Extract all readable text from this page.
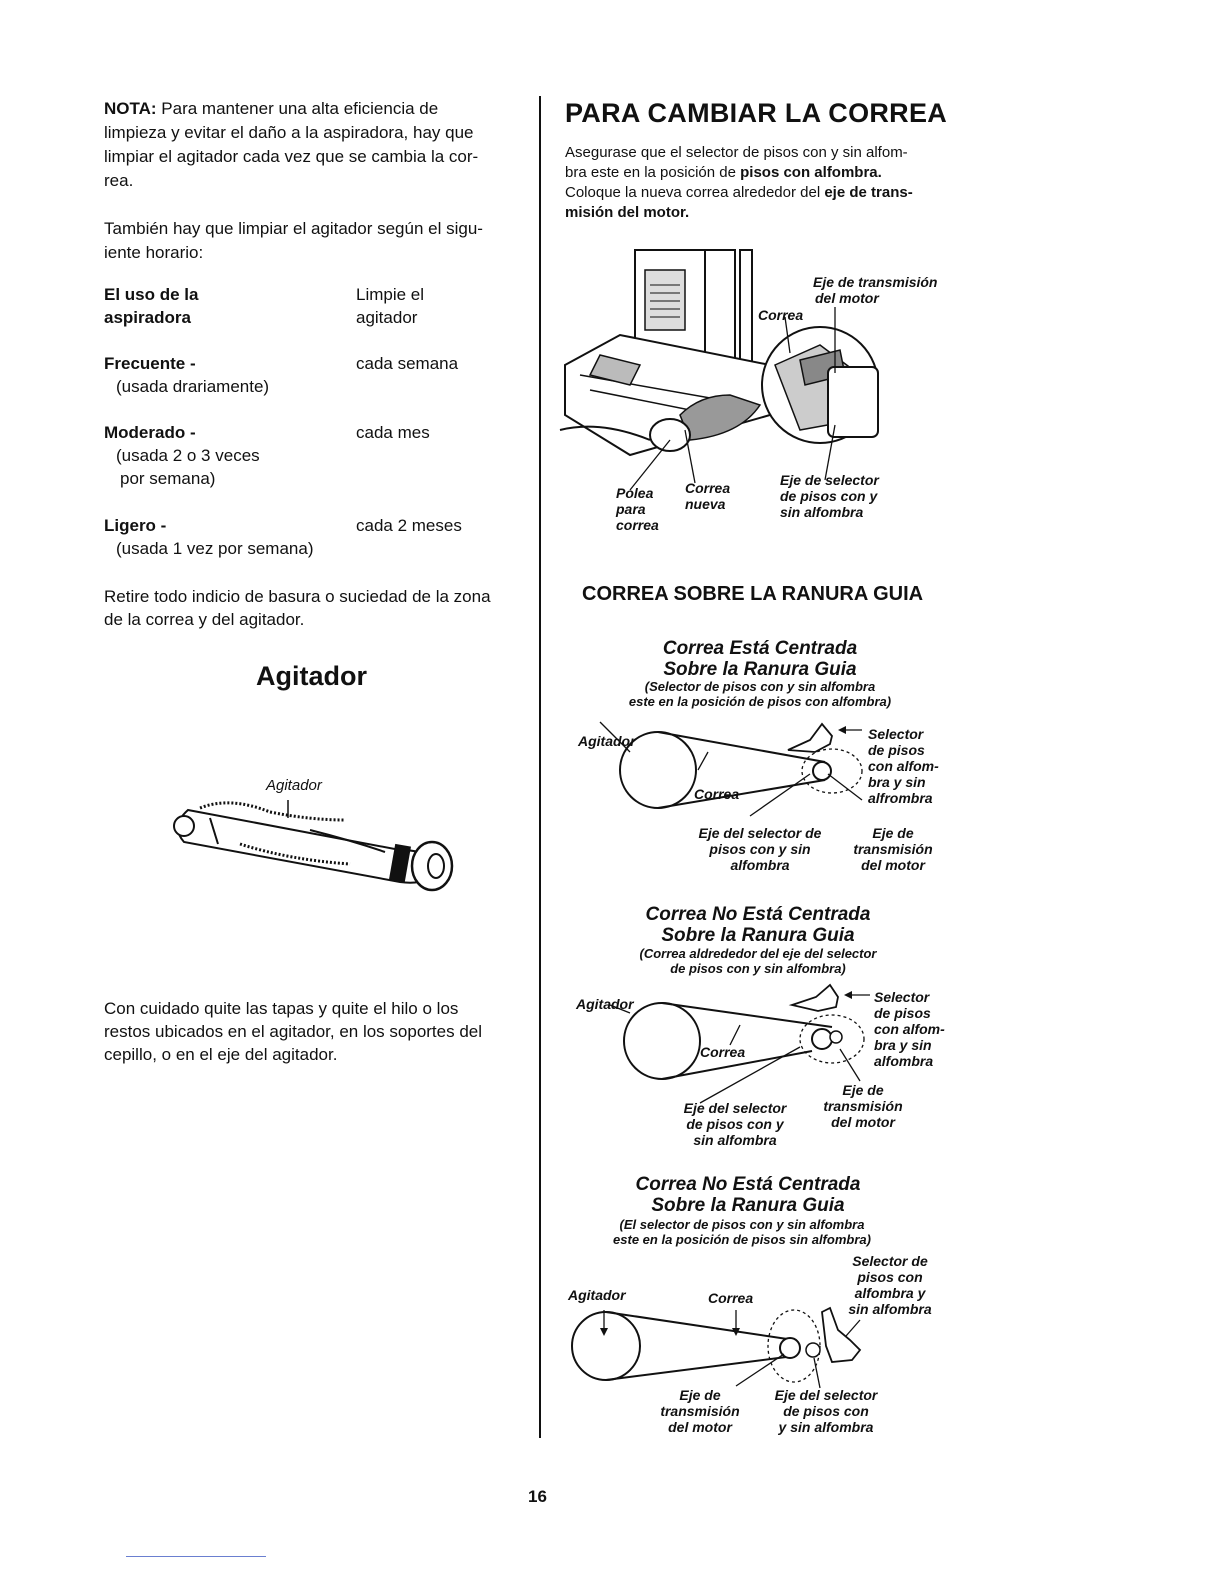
NOTA: Para mantener una alta eficiencia de
limpieza y evitar el daño a la aspiradora, hay que
limpiar el agitador cada vez que se cambia la cor-
rea.
También hay que limpiar el agitador según el sigu-
iente horario:
El uso de la
aspiradora
Limpie el
agitador
Frecuente -
(usada drariamente)
cada semana
Moderado -
(usada 2 o 3 veces
por semana)
cada mes
Ligero -
(usada 1 vez por semana)
cada 2 meses
Retire todo indicio de basura o suciedad de la zona
de la correa y del agitador.
Agitador
Agitador
Con cuidado quite las tapas y quite el hilo o los
restos ubicados en el agitador, en los soportes del
cepillo, o en el eje del agitador.
PARA CAMBIAR LA CORREA
Asegurase que el selector de pisos con y sin alfom-
bra este en la posición de pisos con alfombra.
Coloque la nueva correa alrededor del eje de trans-
misión del motor.
Eje de transmisión
del motor
Correa
Polea
para
correa
Correa
nueva
Eje de selector
de pisos con y
sin alfombra
CORREA SOBRE LA RANURA GUIA
Correa Está Centrada
Sobre la Ranura Guia
(Selector de pisos con y sin alfombra
este en la posición de pisos con alfombra)
Agitador
Correa
Selector
de pisos
con alfom-
bra y sin
alfrombra
Eje del selector de
pisos con y sin
alfombra
Eje de
transmisión
del motor
Correa No Está Centrada
Sobre la Ranura Guia
(Correa aldrededor del eje del selector
de pisos con y sin alfombra)
Agitador
Correa
Selector
de pisos
con alfom-
bra y sin
alfombra
Eje de
transmisión
del motor
Eje del selector
de pisos con y
sin alfombra
Correa No Está Centrada
Sobre la Ranura Guia
(El selector de pisos con y sin alfombra
este en la posición de pisos sin alfombra)
Agitador	Correa
Selector de
pisos con
alfombra y
sin alfombra
Eje de
transmisión
del motor
Eje del selector
de pisos con
y sin alfombra
16
